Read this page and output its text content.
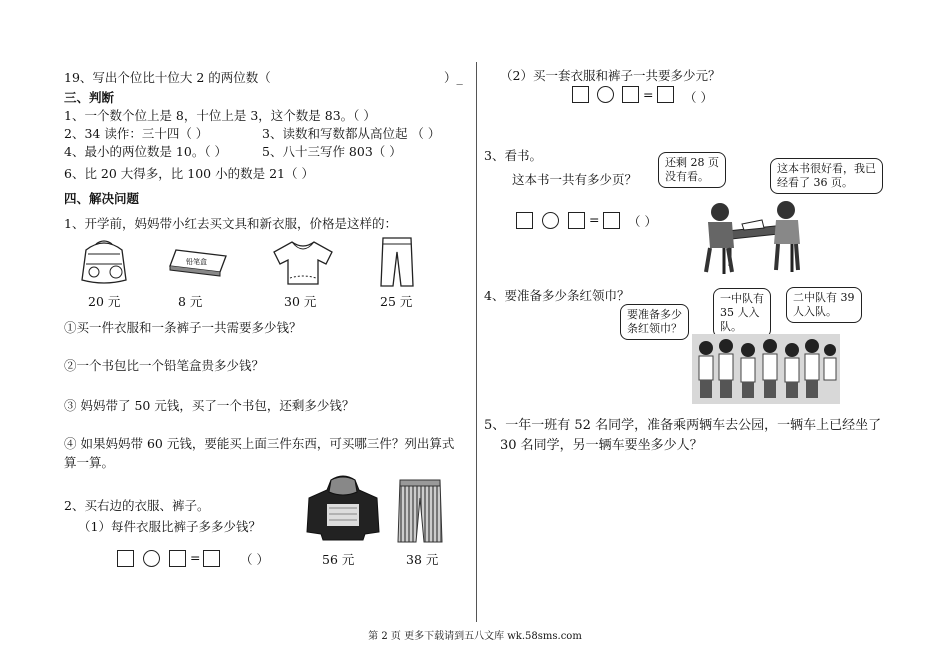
19、写出个位比十位大 2 的两位数（	）_
三、判断
1、一个数个位上是 8，十位上是 3，这个数是 83。（ ）
2、34 读作：三十四（ ）	3、读数和写数都从高位起 （ ）
4、最小的两位数是 10。（ ）	5、八十三写作 803（ ）
6、比 20 大得多，比 100 小的数是 21（ ）
四、解决问题
1、开学前，妈妈带小红去买文具和新衣服，价格是这样的：
铅笔盒
20 元	8 元	30 元	25 元
①买一件衣服和一条裤子一共需要多少钱？
②一个书包比一个铅笔盒贵多少钱？
③ 妈妈带了 50 元钱，买了一个书包，还剩多少钱？
④ 如果妈妈带 60 元钱，要能买上面三件东西，可买哪三件？列出算式
算一算。
2、买右边的衣服、裤子。
（1）每件衣服比裤子多多少钱？
=	（ ）	56 元	38 元
（2）买一套衣服和裤子一共要多少元？
= （ ）
3、看书。
这本书一共有多少页？
还剩 28 页
没有看。
这本书很好看，我已
经看了 36 页。
= （ ）
4、要准备多少条红领巾？
要准备多少
条红领巾？
一中队有
35 人入
队。
二中队有 39
人入队。
5、一年一班有 52 名同学，准备乘两辆车去公园，一辆车上已经坐了
30 名同学，另一辆车要坐多少人？
第 2 页 更多下载请到五八文库 wk.58sms.com
